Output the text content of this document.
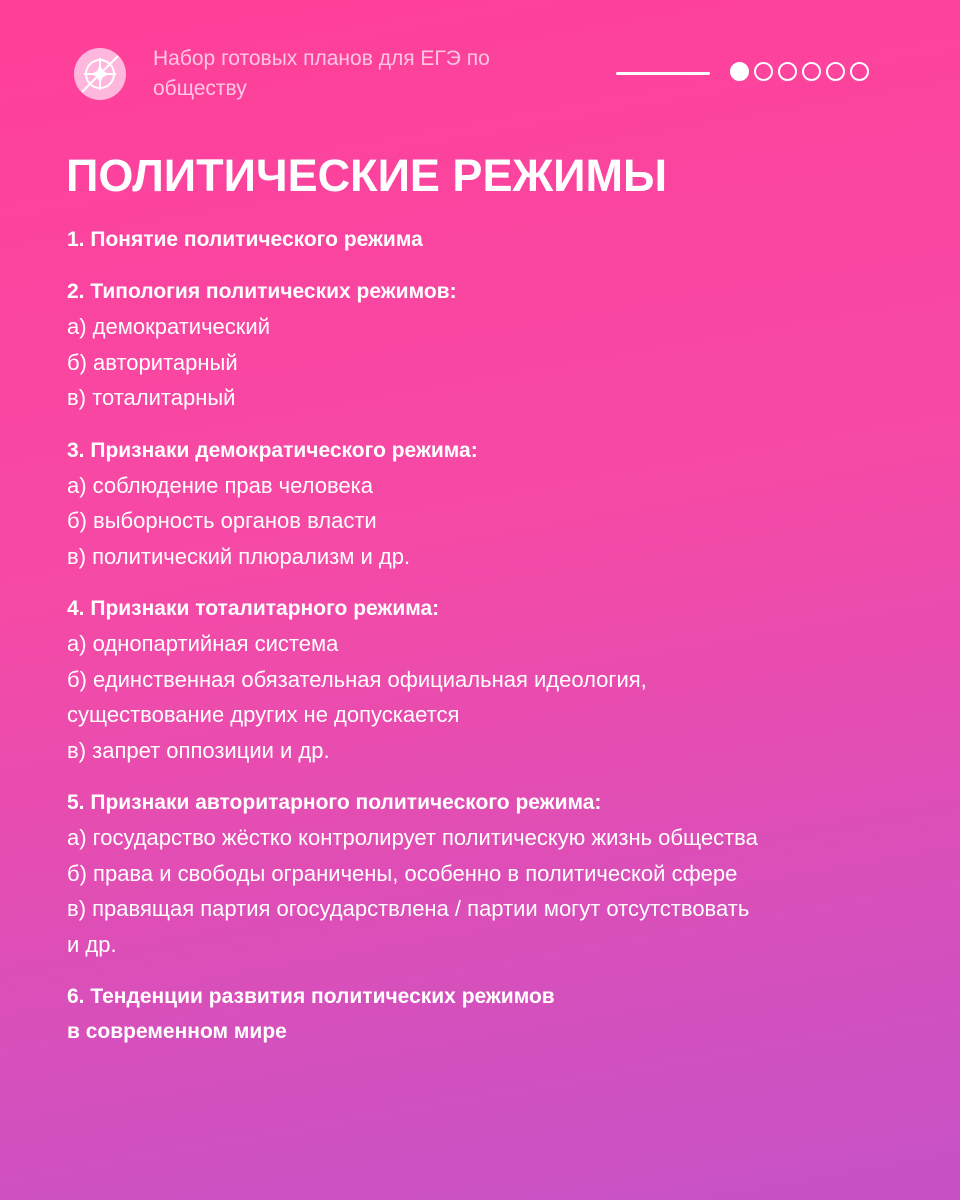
Набор готовых планов для ЕГЭ по обществу
ПОЛИТИЧЕСКИЕ РЕЖИМЫ
1. Понятие политического режима
2. Типология политических режимов:
а) демократический
б) авторитарный
в) тоталитарный
3. Признаки демократического режима:
а) соблюдение прав человека
б) выборность органов власти
в) политический плюрализм и др.
4. Признаки тоталитарного режима:
а) однопартийная система
б) единственная обязательная официальная идеология,
существование других не допускается
в) запрет оппозиции и др.
5. Признаки авторитарного политического режима:
а) государство жёстко контролирует политическую жизнь общества
б) права и свободы ограничены, особенно в политической сфере
в) правящая партия огосударствлена / партии могут отсутствовать
и др.
6. Тенденции развития политических режимов
в современном мире
